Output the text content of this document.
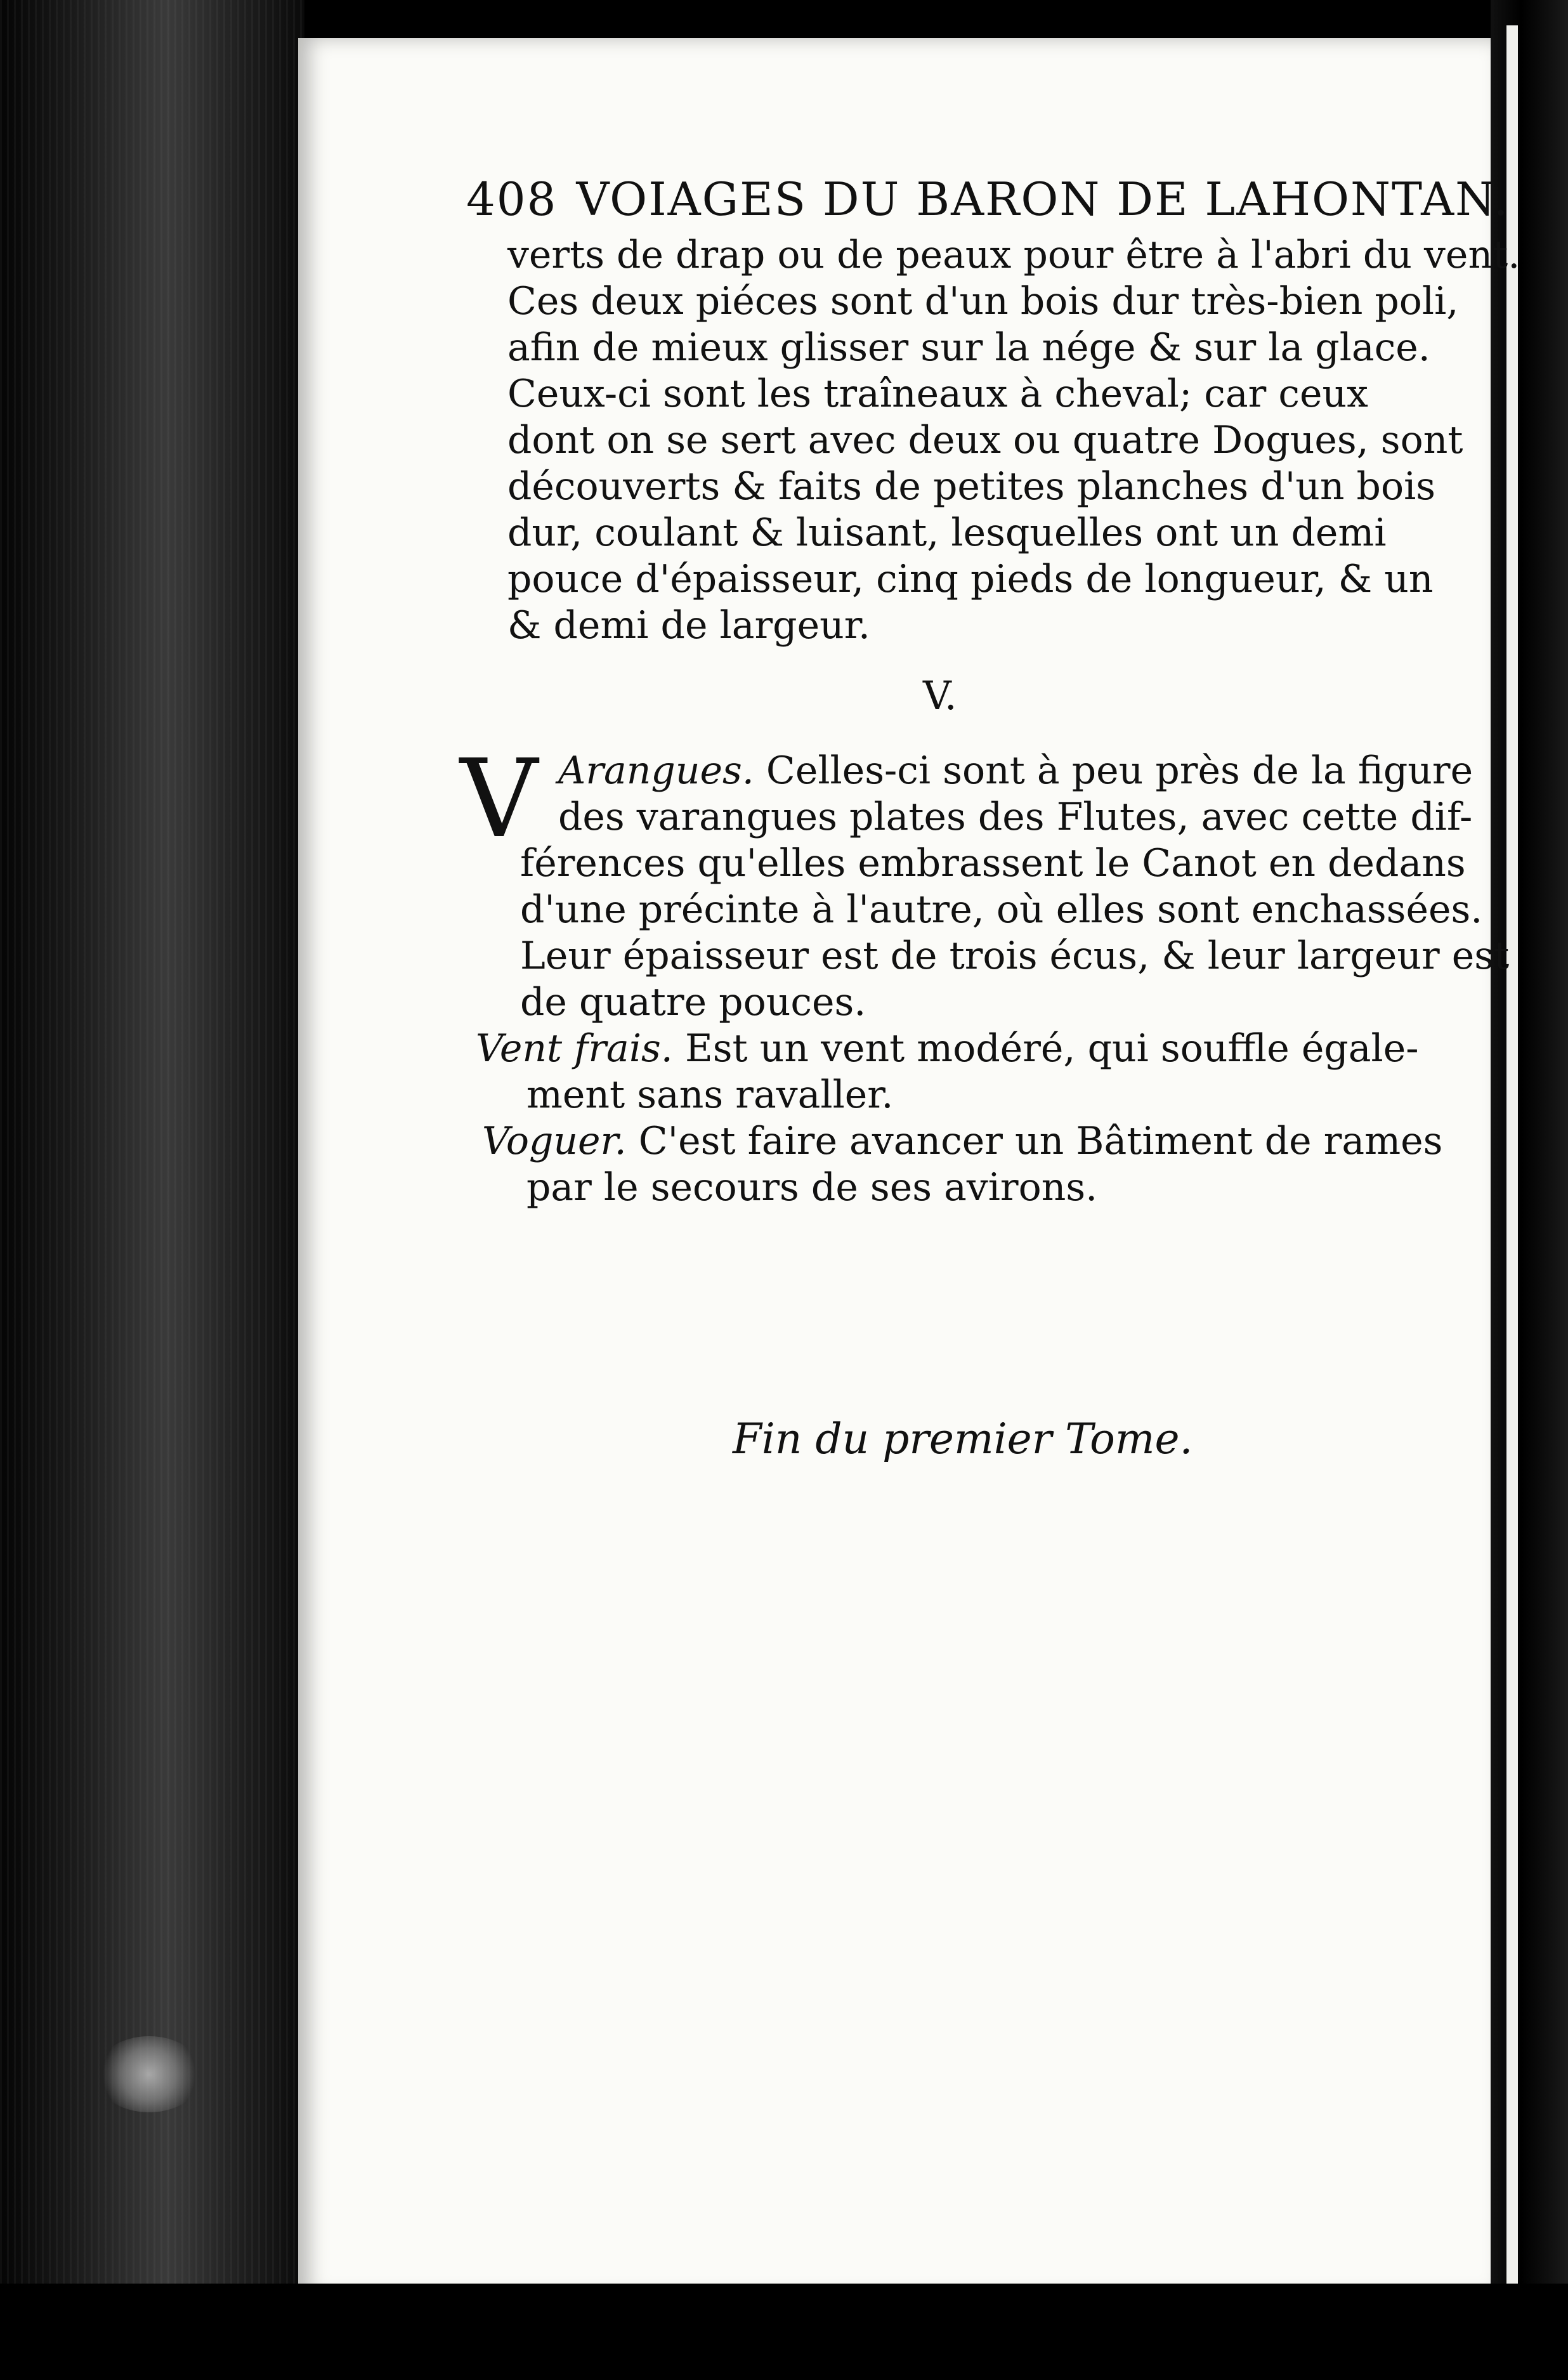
408 VOIAGES DU BARON DE LAHONTAN.
verts de drap ou de peaux pour être à l'abri du vent.
Ces deux piéces sont d'un bois dur très-bien poli,
afin de mieux glisser sur la nége & sur la glace.
Ceux-ci sont les traîneaux à cheval; car ceux
dont on se sert avec deux ou quatre Dogues, sont
découverts & faits de petites planches d'un bois
dur, coulant & luisant, lesquelles ont un demi
pouce d'épaisseur, cinq pieds de longueur, & un
& demi de largeur.
V.
V Arangues. Celles-ci sont à peu près de la figure
des varangues plates des Flutes, avec cette dif-
férences qu'elles embrassent le Canot en dedans
d'une précinte à l'autre, où elles sont enchassées.
Leur épaisseur est de trois écus, & leur largeur est
de quatre pouces.
Vent frais. Est un vent modéré, qui souffle égale-
ment sans ravaller.
Voguer. C'est faire avancer un Bâtiment de rames
par le secours de ses avirons.
Fin du premier Tome.
